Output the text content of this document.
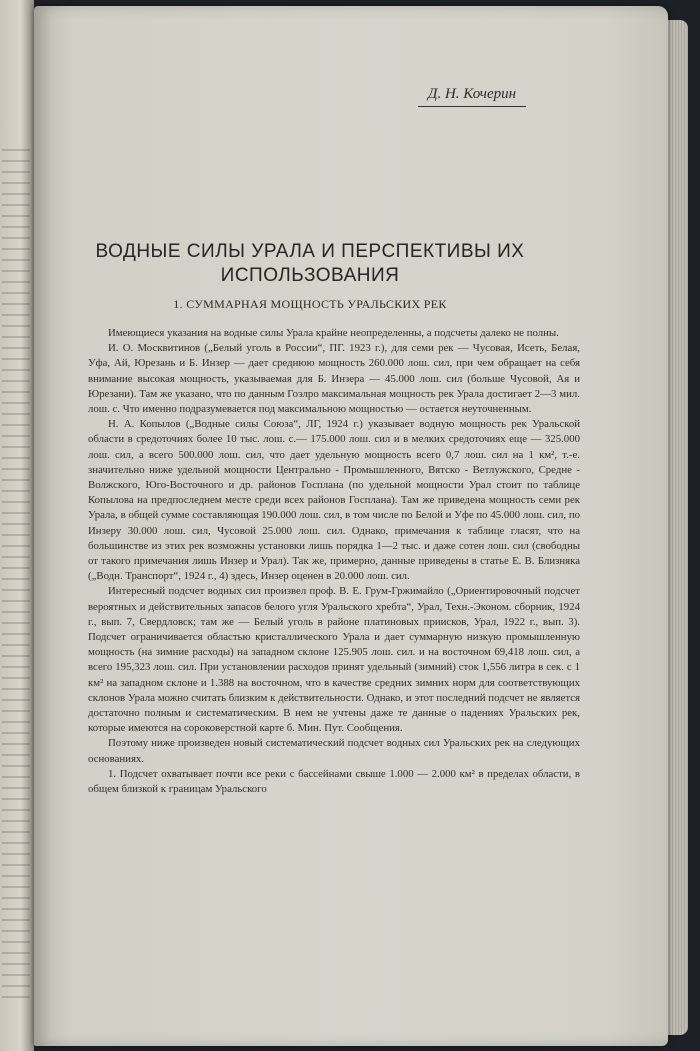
Д. Н. Кочерин
ВОДНЫЕ СИЛЫ УРАЛА И ПЕРСПЕКТИВЫ ИХ
ИСПОЛЬЗОВАНИЯ
1. СУММАРНАЯ МОЩНОСТЬ УРАЛЬСКИХ РЕК

Имеющиеся указания на водные силы Урала крайне неопределенны, а подсчеты далеко не полны.

И. О. Москвитинов („Белый уголь в России“, ПГ. 1923 г.), для семи рек — Чусовая, Исеть, Белая, Уфа, Ай, Юрезань и Б. Инзер — дает среднюю мощность 260.000 лош. сил, при чем обращает на себя внимание высокая мощность, указываемая для Б. Инзера — 45.000 лош. сил (больше Чусовой, Ая и Юрезани). Там же указано, что по данным Гоэлро максимальная мощность рек Урала достигает 2—3 мил. лош. с. Что именно подразумевается под максимальною мощностью — остается неуточненным.

Н. А. Копылов („Водные силы Союза“, ЛГ, 1924 г.) указывает водную мощность рек Уральской области в средоточиях более 10 тыс. лош. с.— 175.000 лош. сил и в мелких средоточиях еще — 325.000 лош. сил, а всего 500.000 лош. сил, что дает удельную мощность всего 0,7 лош. сил на 1 км², т.-е. значительно ниже удельной мощности Центрально - Промышленного, Вятско - Ветлужского, Средне - Волжского, Юго-Восточного и др. районов Госплана (по удельной мощности Урал стоит по таблице Копылова на предпоследнем месте среди всех районов Госплана). Там же приведена мощность семи рек Урала, в общей сумме составляющая 190.000 лош. сил, в том числе по Белой и Уфе по 45.000 лош. сил, по Инзеру 30.000 лош. сил, Чусовой 25.000 лош. сил. Однако, примечания к таблице гласят, что на большинстве из этих рек возможны установки лишь порядка 1—2 тыс. и даже сотен лош. сил (свободны от такого примечания лишь Инзер и Урал). Так же, примерно, данные приведены в статье Е. В. Близняка („Водн. Транспорт“, 1924 г., 4) здесь, Инзер оценен в 20.000 лош. сил.

Интересный подсчет водных сил произвел проф. В. Е. Грум-Гржимайло („Ориентировочный подсчет вероятных и действительных запасов белого угля Уральского хребта“, Урал, Техн.-Эконом. сборник, 1924 г., вып. 7, Свердловск; там же — Белый уголь в районе платиновых приисков, Урал, 1922 г., вып. 3). Подсчет ограничивается областью кристаллического Урала и дает суммарную низкую промышленную мощность (на зимние расходы) на западном склоне 125.905 лош. сил. и на восточном 69,418 лош. сил, а всего 195,323 лош. сил. При установлении расходов принят удельный (зимний) сток 1,556 литра в сек. с 1 км² на западном склоне и 1.388 на восточном, что в качестве средних зимних норм для соответствующих склонов Урала можно считать близким к действительности. Однако, и этот последний подсчет не является достаточно полным и систематическим. В нем не учтены даже те данные о падениях Уральских рек, которые имеются на сороковерстной карте б. Мин. Пут. Сообщения.

Поэтому ниже произведен новый систематический подсчет водных сил Уральских рек на следующих основаниях.

1. Подсчет охватывает почти все реки с бассейнами свыше 1.000 — 2.000 км² в пределах области, в общем близкой к границам Уральского
